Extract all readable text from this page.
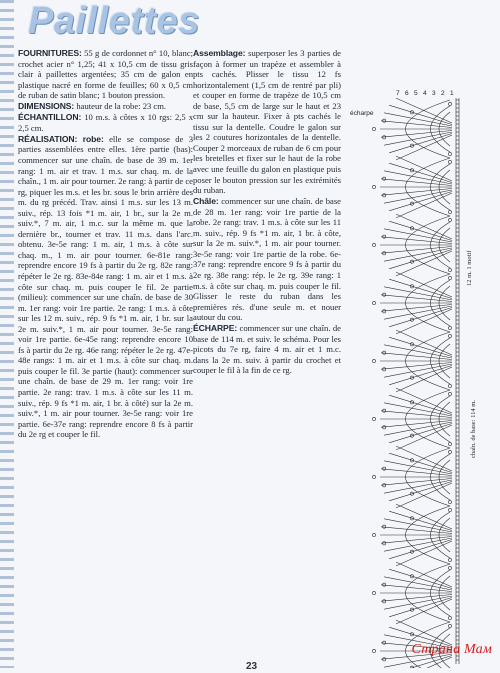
Paillettes

FOURNITURES: 55 g de cordonnet n° 10, blanc; crochet acier n° 1,25; 41 x 10,5 cm de tissu gris clair à paillettes argentées; 35 cm de galon en plastique nacré en forme de feuilles; 60 x 0,5 cm de ruban de satin blanc; 1 bouton pression.

DIMENSIONS: hauteur de la robe: 23 cm.

ÉCHANTILLON: 10 m.s. à côtes x 10 rgs: 2,5 x 2,5 cm.

RÉALISATION: robe: elle se compose de 3 parties assemblées entre elles. 1ère partie (bas): commencer sur une chaîn. de base de 39 m. 1er rang: 1 m. air et trav. 1 m.s. sur chaq. m. de la chaîn., 1 m. air pour tourner. 2e rang: à partir de ce rg, piquer les m.s. et les br. sous le brin arrière des m. du rg précéd. Trav. ainsi 1 m.s. sur les 13 m. suiv., rép. 13 fois *1 m. air, 1 br., sur la 2e m. suiv.*, 7 m. air, 1 m.c. sur la même m. que la dernière br., tourner et trav. 11 m.s. dans l'arc. obtenu. 3e-5e rang: 1 m. air, 1 m.s. à côte sur chaq. m., 1 m. air pour tourner. 6e-81e rang: reprendre encore 19 fs à partir du 2e rg. 82e rang: répéter le 2e rg. 83e-84e rang: 1 m. air et 1 m.s. à côte sur chaq. m. puis couper le fil. 2e partie (milieu): commencer sur une chaîn. de base de 30 m. 1er rang: voir 1re partie. 2e rang: 1 m.s. à côte sur les 12 m. suiv., rép. 9 fs *1 m. air, 1 br. sur la 2e m. suiv.*, 1 m. air pour tourner. 3e-5e rang: voir 1re partie. 6e-45e rang: reprendre encore 10 fs à partir du 2e rg. 46e rang: répéter le 2e rg. 47e-48e rangs: 1 m. air et 1 m.s. à côte sur chaq. m. puis couper le fil. 3e partie (haut): commencer sur une chaîn. de base de 29 m. 1er rang: voir 1re partie. 2e rang: trav. 1 m.s. à côte sur les 11 m. suiv., rép. 9 fs *1 m. air, 1 br. à côté) sur la 2e m. suiv.*, 1 m. air pour tourner. 3e-5e rang: voir 1re partie. 6e-37e rang: reprendre encore 8 fs à partir du 2e rg et couper le fil.

Assemblage: superposer les 3 parties de façon à former un trapèze et assembler à pts cachés. Plisser le tissu 12 fs horizontalement (1,5 cm de rentré par pli) et couper en forme de trapèze de 10,5 cm de base, 5,5 cm de large sur le haut et 23 cm sur la hauteur. Fixer à pts cachés le tissu sur la dentelle. Coudre le galon sur les 2 coutures horizontales de la dentelle. Couper 2 morceaux de ruban de 6 cm pour les bretelles et fixer sur le haut de la robe avec une feuille du galon en plastique puis poser le bouton pression sur les extrémités du ruban.

Châle: commencer sur une chaîn. de base de 28 m. 1er rang: voir 1re partie de la robe. 2e rang: trav. 1 m.s. à côte sur les 11 m. suiv., rép. 9 fs *1 m. air, 1 br. à côte, sur la 2e m. suiv.*, 1 m. air pour tourner. 3e-5e rang: voir 1re partie de la robe. 6e-37e rang: reprendre encore 9 fs à partir du 2e rg. 38e rang: rép. le 2e rg. 39e rang: 1 m.s. à côte sur chaq. m. puis couper le fil. Glisser le reste du ruban dans les premières rés. d'une seule m. et nouer autour du cou.

ÉCHARPE: commencer sur une chaîn. de base de 114 m. et suiv. le schéma. Pour les picots du 7e rg, faire 4 m. air et 1 m.c. dans la 2e m. suiv. à partir du crochet et couper le fil à la fin de ce rg.

écharpe
12 m. 1 motif
chaîn. de base: 114 m.
7 6 5 4 3 2 1
Страна Мам
23
